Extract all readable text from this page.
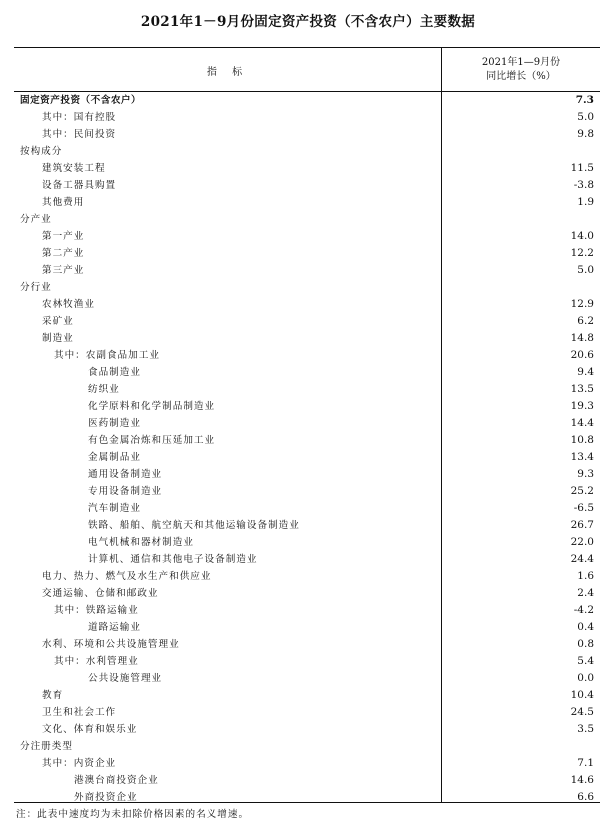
2021年1－9月份固定资产投资（不含农户）主要数据
指 标
2021年1—9月份
同比增长（%）
固定资产投资（不含农户）	7.3
其中：国有控股	5.0
其中：民间投资	9.8
按构成分
建筑安装工程	11.5
设备工器具购置	-3.8
其他费用	1.9
分产业
第一产业	14.0
第二产业	12.2
第三产业	5.0
分行业
农林牧渔业	12.9
采矿业	6.2
制造业	14.8
其中：农副食品加工业	20.6
食品制造业	9.4
纺织业	13.5
化学原料和化学制品制造业	19.3
医药制造业	14.4
有色金属冶炼和压延加工业	10.8
金属制品业	13.4
通用设备制造业	9.3
专用设备制造业	25.2
汽车制造业	-6.5
铁路、船舶、航空航天和其他运输设备制造业	26.7
电气机械和器材制造业	22.0
计算机、通信和其他电子设备制造业	24.4
电力、热力、燃气及水生产和供应业	1.6
交通运输、仓储和邮政业	2.4
其中：铁路运输业	-4.2
道路运输业	0.4
水利、环境和公共设施管理业	0.8
其中：水利管理业	5.4
公共设施管理业	0.0
教育	10.4
卫生和社会工作	24.5
文化、体育和娱乐业	3.5
分注册类型
其中：内资企业	7.1
港澳台商投资企业	14.6
外商投资企业	6.6
注：此表中速度均为未扣除价格因素的名义增速。
